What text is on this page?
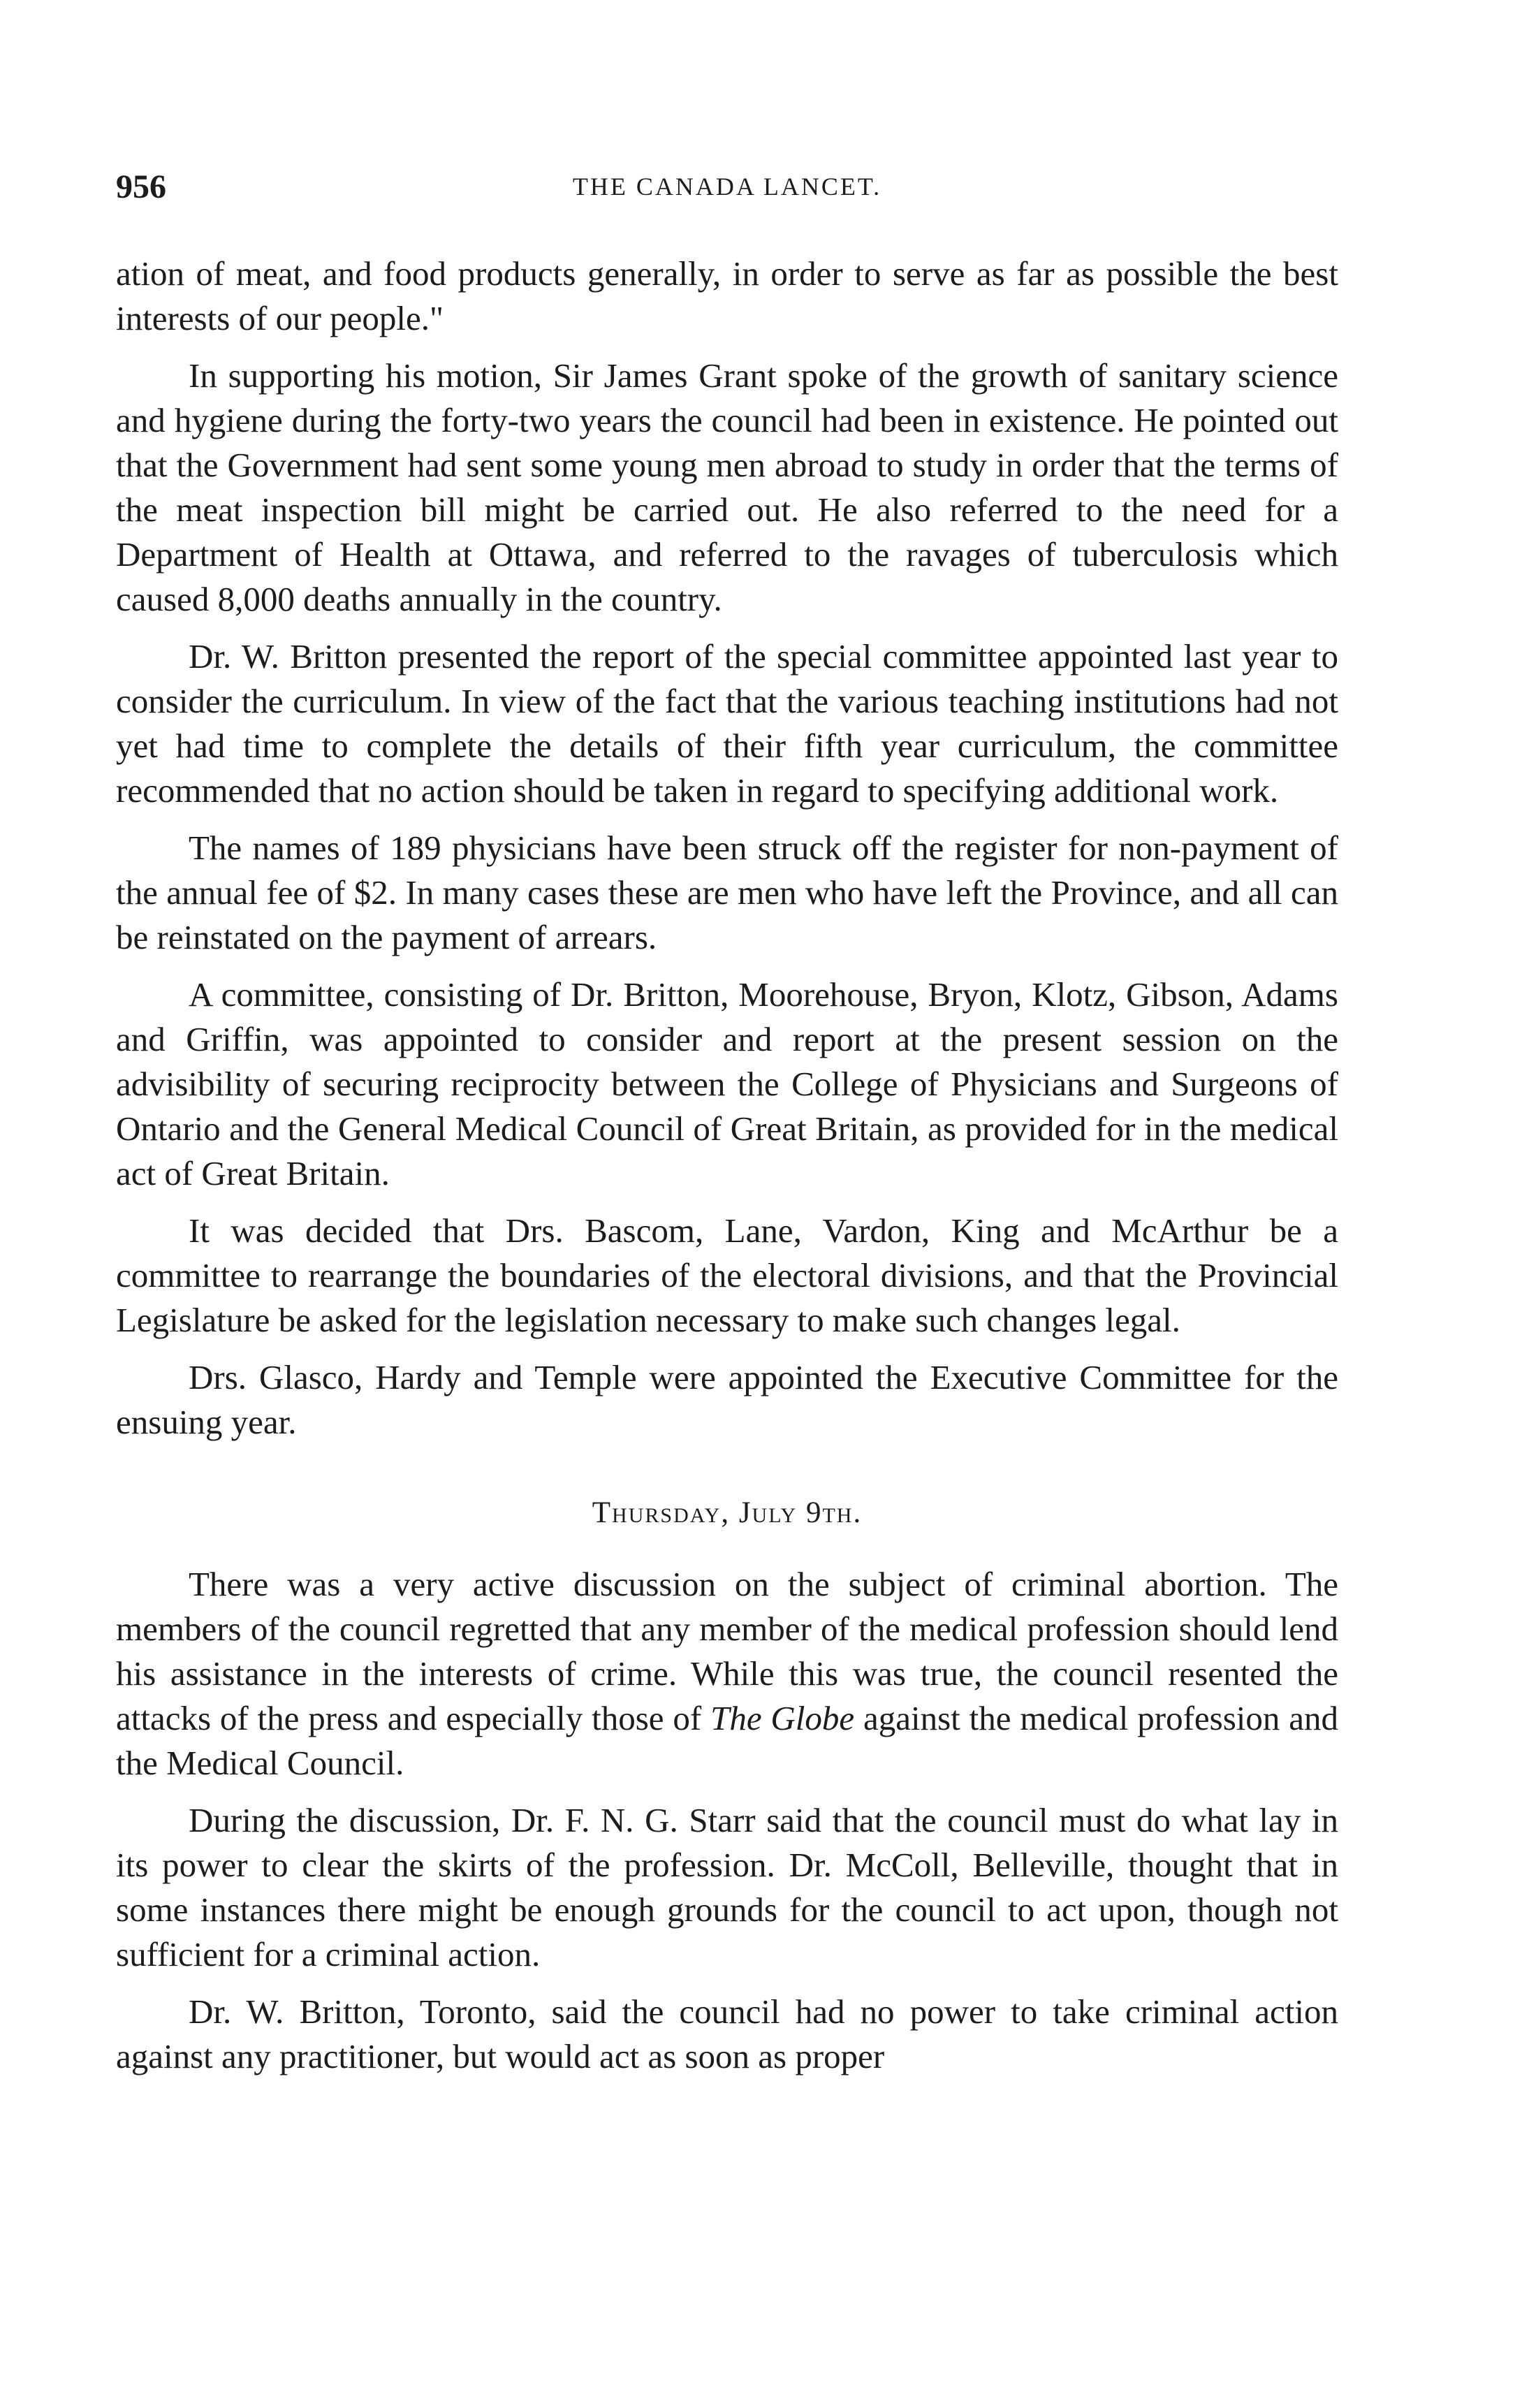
956	THE CANADA LANCET.

ation of meat, and food products generally, in order to serve as far as possible the best interests of our people."

In supporting his motion, Sir James Grant spoke of the growth of sanitary science and hygiene during the forty-two years the council had been in existence. He pointed out that the Government had sent some young men abroad to study in order that the terms of the meat inspection bill might be carried out. He also referred to the need for a Department of Health at Ottawa, and referred to the ravages of tuberculosis which caused 8,000 deaths annually in the country.

Dr. W. Britton presented the report of the special committee appointed last year to consider the curriculum. In view of the fact that the various teaching institutions had not yet had time to complete the details of their fifth year curriculum, the committee recommended that no action should be taken in regard to specifying additional work.

The names of 189 physicians have been struck off the register for non-payment of the annual fee of $2. In many cases these are men who have left the Province, and all can be reinstated on the payment of arrears.

A committee, consisting of Dr. Britton, Moorehouse, Bryon, Klotz, Gibson, Adams and Griffin, was appointed to consider and report at the present session on the advisibility of securing reciprocity between the College of Physicians and Surgeons of Ontario and the General Medical Council of Great Britain, as provided for in the medical act of Great Britain.

It was decided that Drs. Bascom, Lane, Vardon, King and McArthur be a committee to rearrange the boundaries of the electoral divisions, and that the Provincial Legislature be asked for the legislation necessary to make such changes legal.

Drs. Glasco, Hardy and Temple were appointed the Executive Committee for the ensuing year.

Thursday, July 9th.

There was a very active discussion on the subject of criminal abortion. The members of the council regretted that any member of the medical profession should lend his assistance in the interests of crime. While this was true, the council resented the attacks of the press and especially those of The Globe against the medical profession and the Medical Council.

During the discussion, Dr. F. N. G. Starr said that the council must do what lay in its power to clear the skirts of the profession. Dr. McColl, Belleville, thought that in some instances there might be enough grounds for the council to act upon, though not sufficient for a criminal action.

Dr. W. Britton, Toronto, said the council had no power to take criminal action against any practitioner, but would act as soon as proper
